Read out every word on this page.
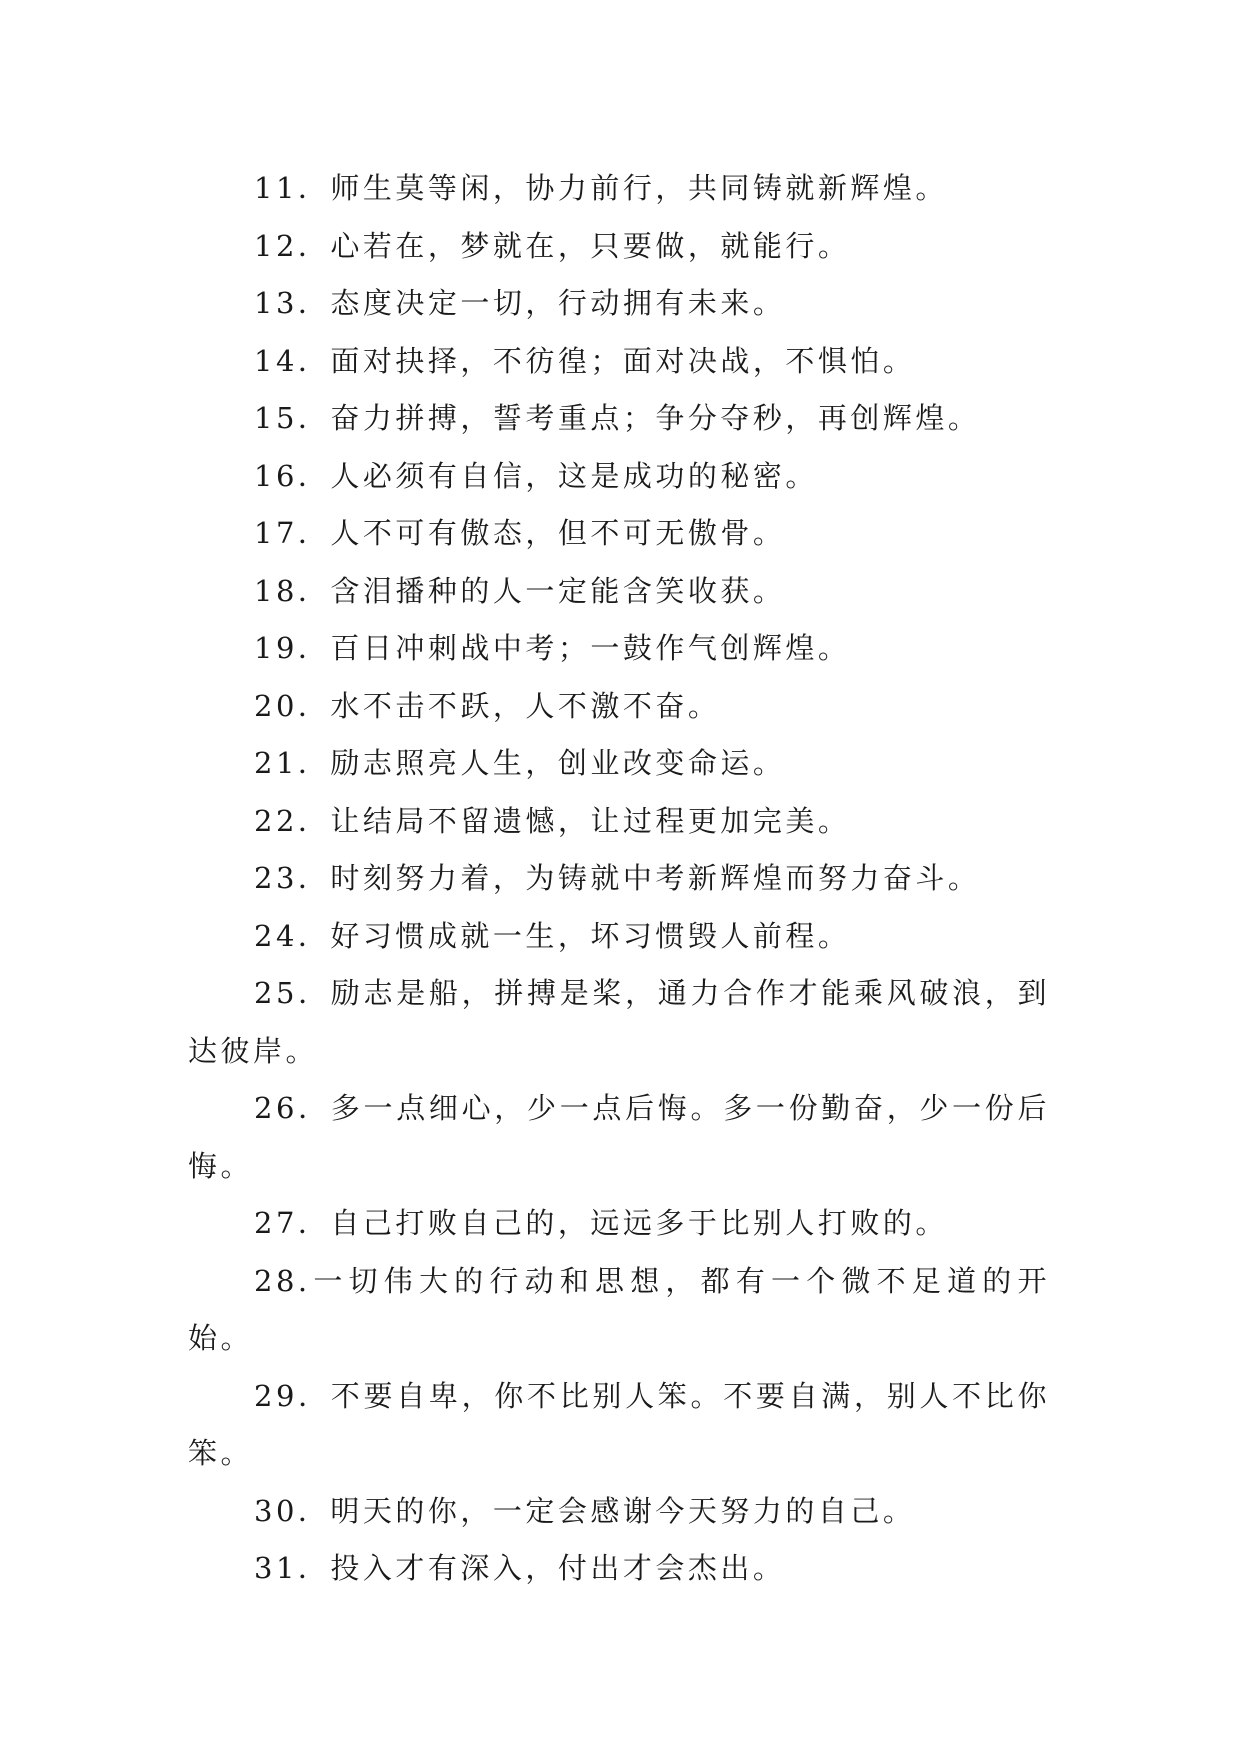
11．师生莫等闲，协力前行，共同铸就新辉煌。

12．心若在，梦就在，只要做，就能行。

13．态度决定一切，行动拥有未来。

14．面对抉择，不彷徨；面对决战，不惧怕。

15．奋力拼搏，誓考重点；争分夺秒，再创辉煌。

16．人必须有自信，这是成功的秘密。

17．人不可有傲态，但不可无傲骨。

18．含泪播种的人一定能含笑收获。

19．百日冲刺战中考；一鼓作气创辉煌。

20．水不击不跃，人不激不奋。

21．励志照亮人生，创业改变命运。

22．让结局不留遗憾，让过程更加完美。

23．时刻努力着，为铸就中考新辉煌而努力奋斗。

24．好习惯成就一生，坏习惯毁人前程。

25．励志是船，拼搏是桨，通力合作才能乘风破浪，到达彼岸。

26．多一点细心，少一点后悔。多一份勤奋，少一份后悔。

27．自己打败自己的，远远多于比别人打败的。

28.一切伟大的行动和思想，都有一个微不足道的开始。

29．不要自卑，你不比别人笨。不要自满，别人不比你笨。

30．明天的你，一定会感谢今天努力的自己。

31．投入才有深入，付出才会杰出。
